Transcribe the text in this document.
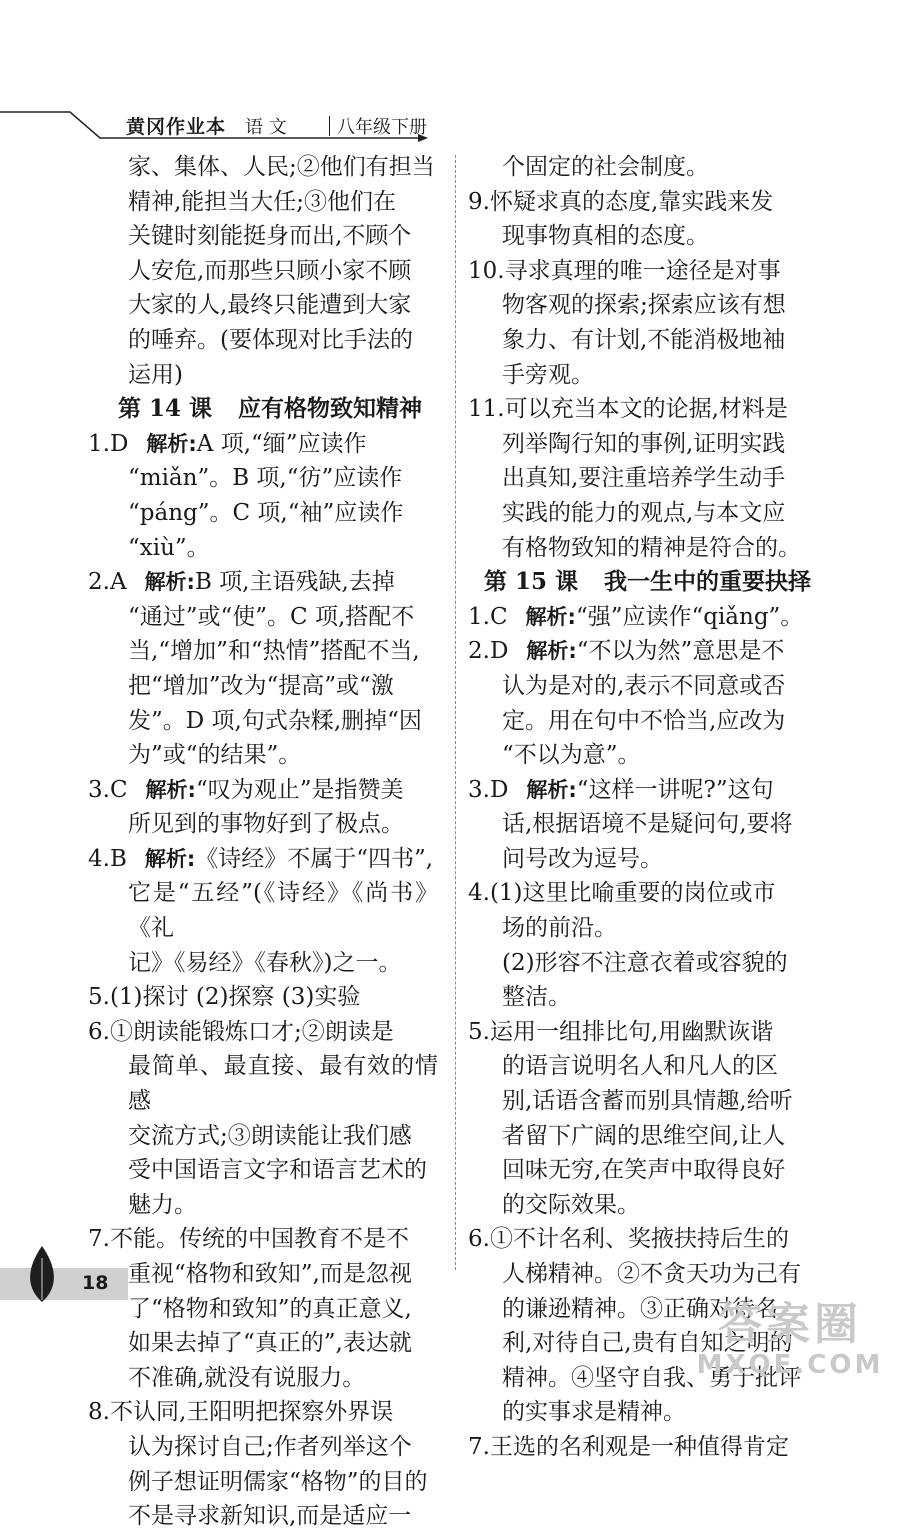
黄冈作业本 语 文	八年级下册
家、集体、人民;②他们有担当
精神,能担当大任;③他们在
关键时刻能挺身而出,不顾个
人安危,而那些只顾小家不顾
大家的人,最终只能遭到大家
的唾弃。(要体现对比手法的
运用)
第 14 课 应有格物致知精神
1.D 解析:A 项,“缅”应读作
“miǎn”。B 项,“彷”应读作
“páng”。C 项,“袖”应读作
“xiù”。
2.A 解析:B 项,主语残缺,去掉
“通过”或“使”。C 项,搭配不
当,“增加”和“热情”搭配不当,
把“增加”改为“提高”或“激
发”。D 项,句式杂糅,删掉“因
为”或“的结果”。
3.C 解析:“叹为观止”是指赞美
所见到的事物好到了极点。
4.B 解析:《诗经》不属于“四书”,
它是“五经”(《诗经》《尚书》《礼
记》《易经》《春秋》)之一。
5. (1)探讨 (2)探察 (3)实验
6. ①朗读能锻炼口才;②朗读是
最简单、最直接、最有效的情感
交流方式;③朗读能让我们感
受中国语言文字和语言艺术的
魅力。
7. 不能。传统的中国教育不是不
重视“格物和致知”,而是忽视
了“格物和致知”的真正意义,
如果去掉了“真正的”,表达就
不准确,就没有说服力。
8. 不认同,王阳明把探察外界误
认为探讨自己;作者列举这个
例子想证明儒家“格物”的目的
不是寻求新知识,而是适应一
个固定的社会制度。
9. 怀疑求真的态度,靠实践来发
现事物真相的态度。
10. 寻求真理的唯一途径是对事
物客观的探索;探索应该有想
象力、有计划,不能消极地袖
手旁观。
11. 可以充当本文的论据,材料是
列举陶行知的事例,证明实践
出真知,要注重培养学生动手
实践的能力的观点,与本文应
有格物致知的精神是符合的。
第 15 课 我一生中的重要抉择
1.C 解析:“强”应读作“qiǎng”。
2.D 解析:“不以为然”意思是不
认为是对的,表示不同意或否
定。用在句中不恰当,应改为
“不以为意”。
3.D 解析:“这样一讲呢?”这句
话,根据语境不是疑问句,要将
问号改为逗号。
4. (1)这里比喻重要的岗位或市
场的前沿。
(2)形容不注意衣着或容貌的
整洁。
5. 运用一组排比句,用幽默诙谐
的语言说明名人和凡人的区
别,话语含蓄而别具情趣,给听
者留下广阔的思维空间,让人
回味无穷,在笑声中取得良好
的交际效果。
6. ①不计名利、奖掖扶持后生的
人梯精神。②不贪天功为己有
的谦逊精神。③正确对待名
利,对待自己,贵有自知之明的
精神。④坚守自我、勇于批评
的实事求是精神。
7. 王选的名利观是一种值得肯定
18
答案圈
MXQE.COM
